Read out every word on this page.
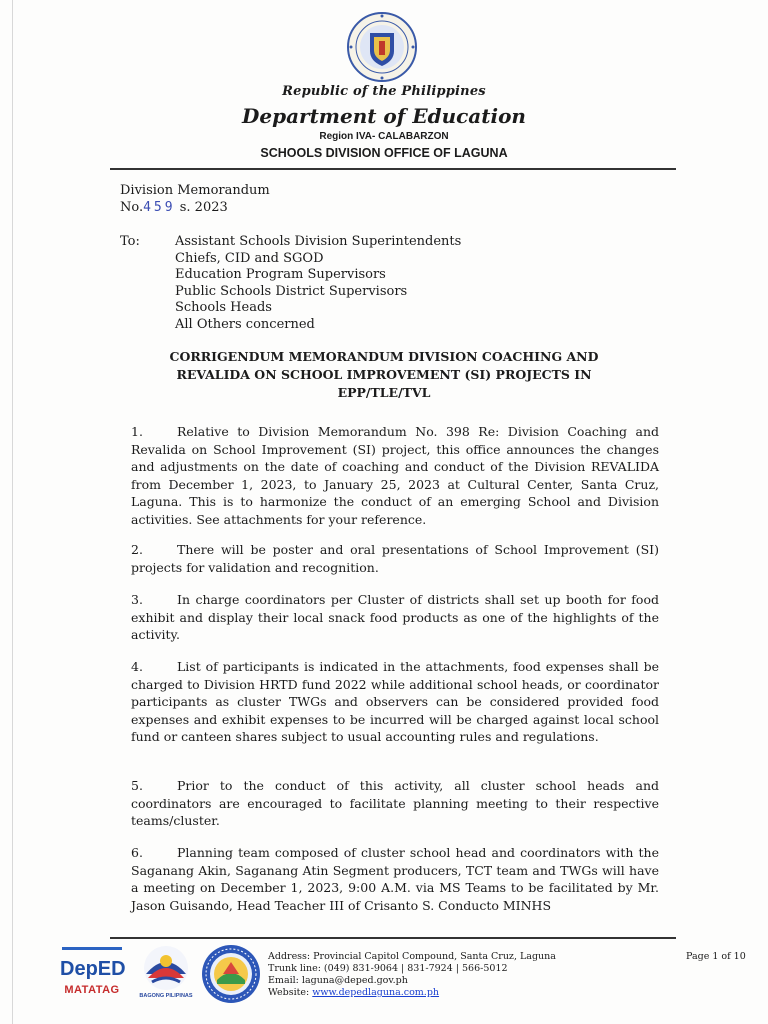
Republic of the Philippines
Department of Education
Region IVA- CALABARZON
SCHOOLS DIVISION OFFICE OF LAGUNA
Division Memorandum
No.459 s. 2023
To:	Assistant Schools Division Superintendents
Chiefs, CID and SGOD
Education Program Supervisors
Public Schools District Supervisors
Schools Heads
All Others concerned
CORRIGENDUM MEMORANDUM DIVISION COACHING AND
REVALIDA ON SCHOOL IMPROVEMENT (SI) PROJECTS IN
EPP/TLE/TVL
1.	Relative to Division Memorandum No. 398 Re: Division Coaching and Revalida on School Improvement (SI) project, this office announces the changes and adjustments on the date of coaching and conduct of the Division REVALIDA from December 1, 2023, to January 25, 2023 at Cultural Center, Santa Cruz, Laguna. This is to harmonize the conduct of an emerging School and Division activities. See attachments for your reference.
2.	There will be poster and oral presentations of School Improvement (SI) projects for validation and recognition.
3.	In charge coordinators per Cluster of districts shall set up booth for food exhibit and display their local snack food products as one of the highlights of the activity.
4.	List of participants is indicated in the attachments, food expenses shall be charged to Division HRTD fund 2022 while additional school heads, or coordinator participants as cluster TWGs and observers can be considered provided food expenses and exhibit expenses to be incurred will be charged against local school fund or canteen shares subject to usual accounting rules and regulations.
5.	Prior to the conduct of this activity, all cluster school heads and coordinators are encouraged to facilitate planning meeting to their respective teams/cluster.
6.	Planning team composed of cluster school head and coordinators with the Saganang Akin, Saganang Atin Segment producers, TCT team and TWGs will have a meeting on December 1, 2023, 9:00 A.M. via MS Teams to be facilitated by Mr. Jason Guisando, Head Teacher III of Crisanto S. Conducto MINHS
DepED
MATATAG	BAGONG PILIPINAS
Address: Provincial Capitol Compound, Santa Cruz, Laguna
Trunk line: (049) 831-9064 | 831-7924 | 566-5012
Email: laguna@deped.gov.ph
Website: www.depedlaguna.com.ph
Page 1 of 10
